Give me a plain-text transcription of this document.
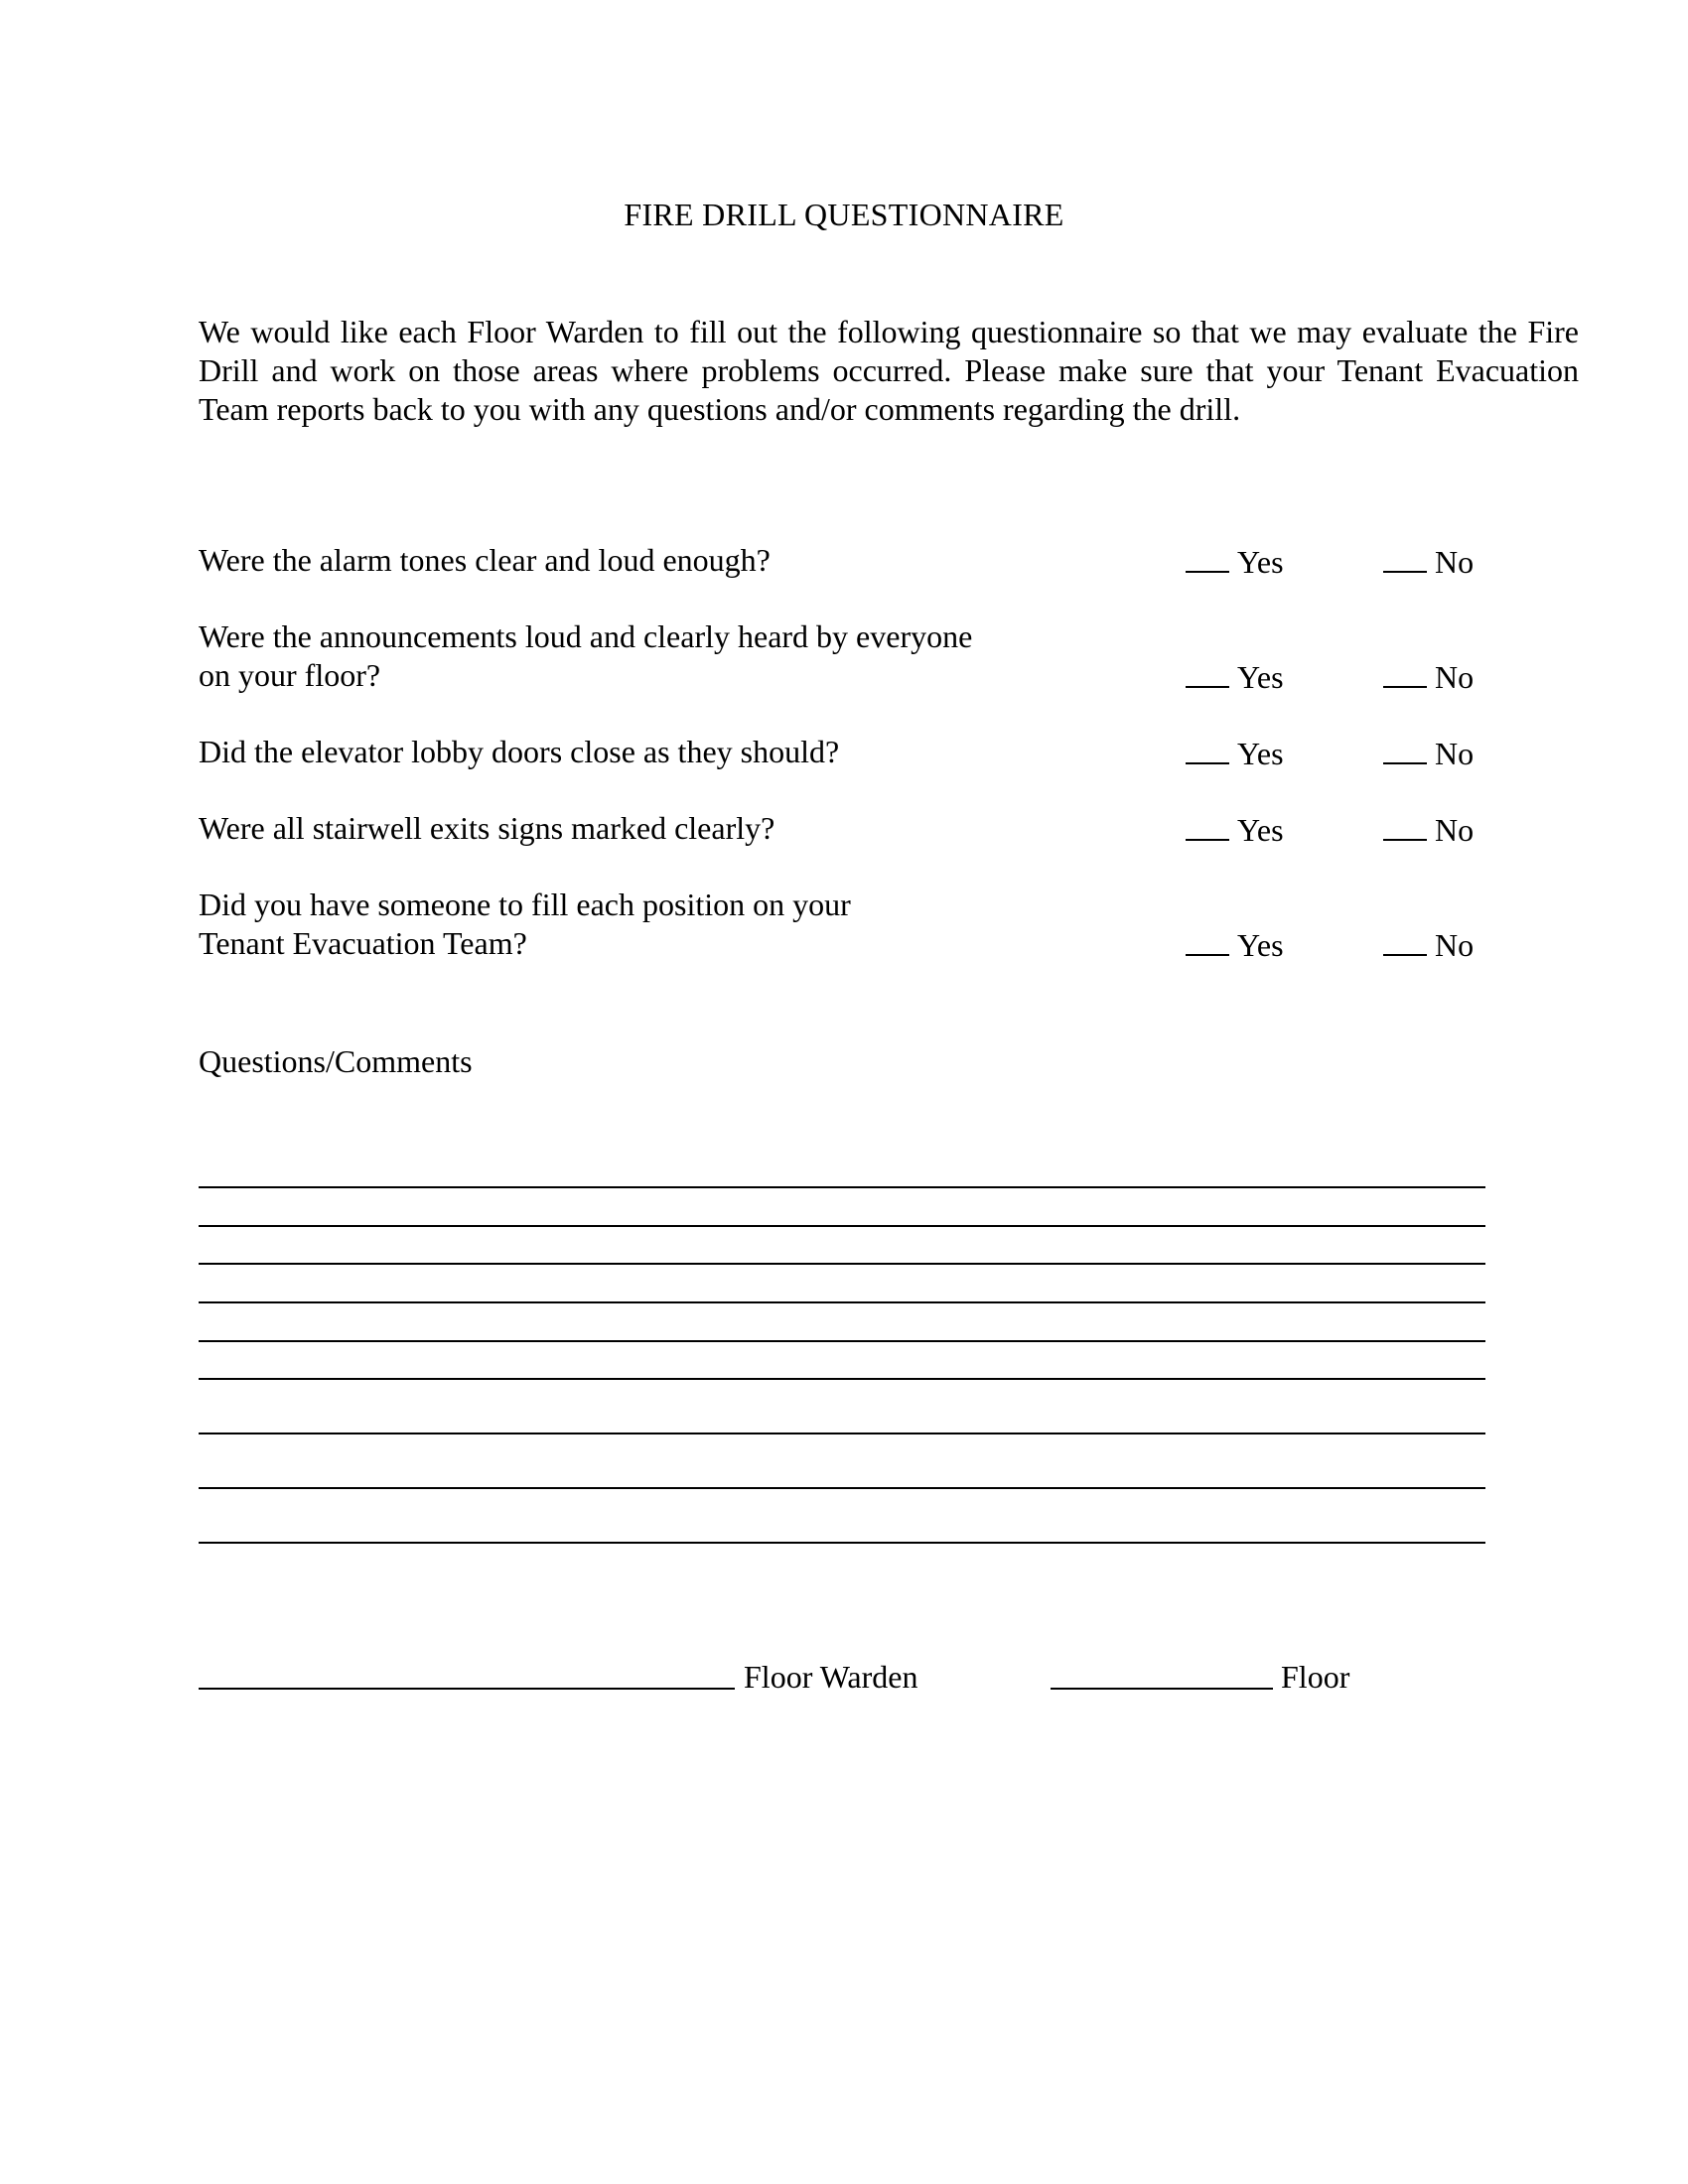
FIRE DRILL QUESTIONNAIRE
We would like each Floor Warden to fill out the following questionnaire so that we may evaluate the Fire Drill and work on those areas where problems occurred. Please make sure that your Tenant Evacuation Team reports back to you with any questions and/or comments regarding the drill.
Were the alarm tones clear and loud enough?	Yes	No
Were the announcements loud and clearly heard by everyone
on your floor?	Yes	No
Did the elevator lobby doors close as they should?	Yes	No
Were all stairwell exits signs marked clearly?	Yes	No
Did you have someone to fill each position on your
Tenant Evacuation Team?	Yes	No
Questions/Comments
Floor Warden	Floor
